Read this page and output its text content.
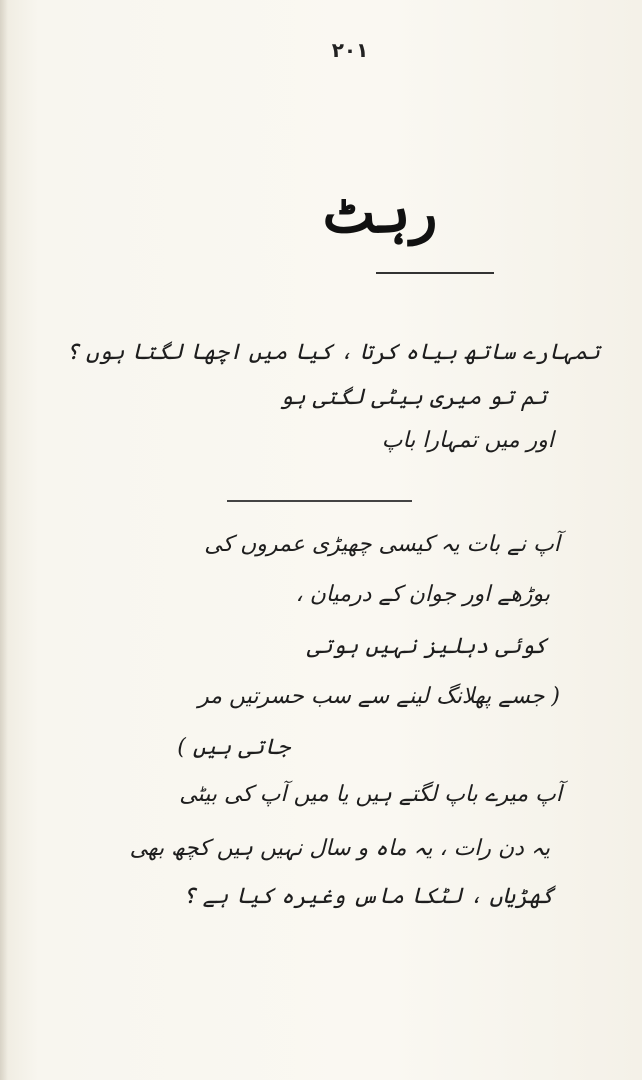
۲۰۱
رہٹ
تمہارے ساتھ بیاہ کرتا ، کیا میں اچھا لگتا ہوں ؟
تم تو میری بیٹی لگتی ہو
اور میں تمہارا باپ
آپ نے بات یہ کیسی چھیڑی عمروں کی
بوڑھے اور جوان کے درمیان ،
کوئی دہلیز نہیں ہوتی
( جسے پھلانگ لینے سے سب حسرتیں مر
جاتی ہیں )
آپ میرے باپ لگتے ہیں یا میں آپ کی بیٹی
یہ دن رات ، یہ ماہ و سال نہیں ہیں کچھ بھی
گھڑیاں ، لٹکا ماس وغیرہ کیا ہے ؟
